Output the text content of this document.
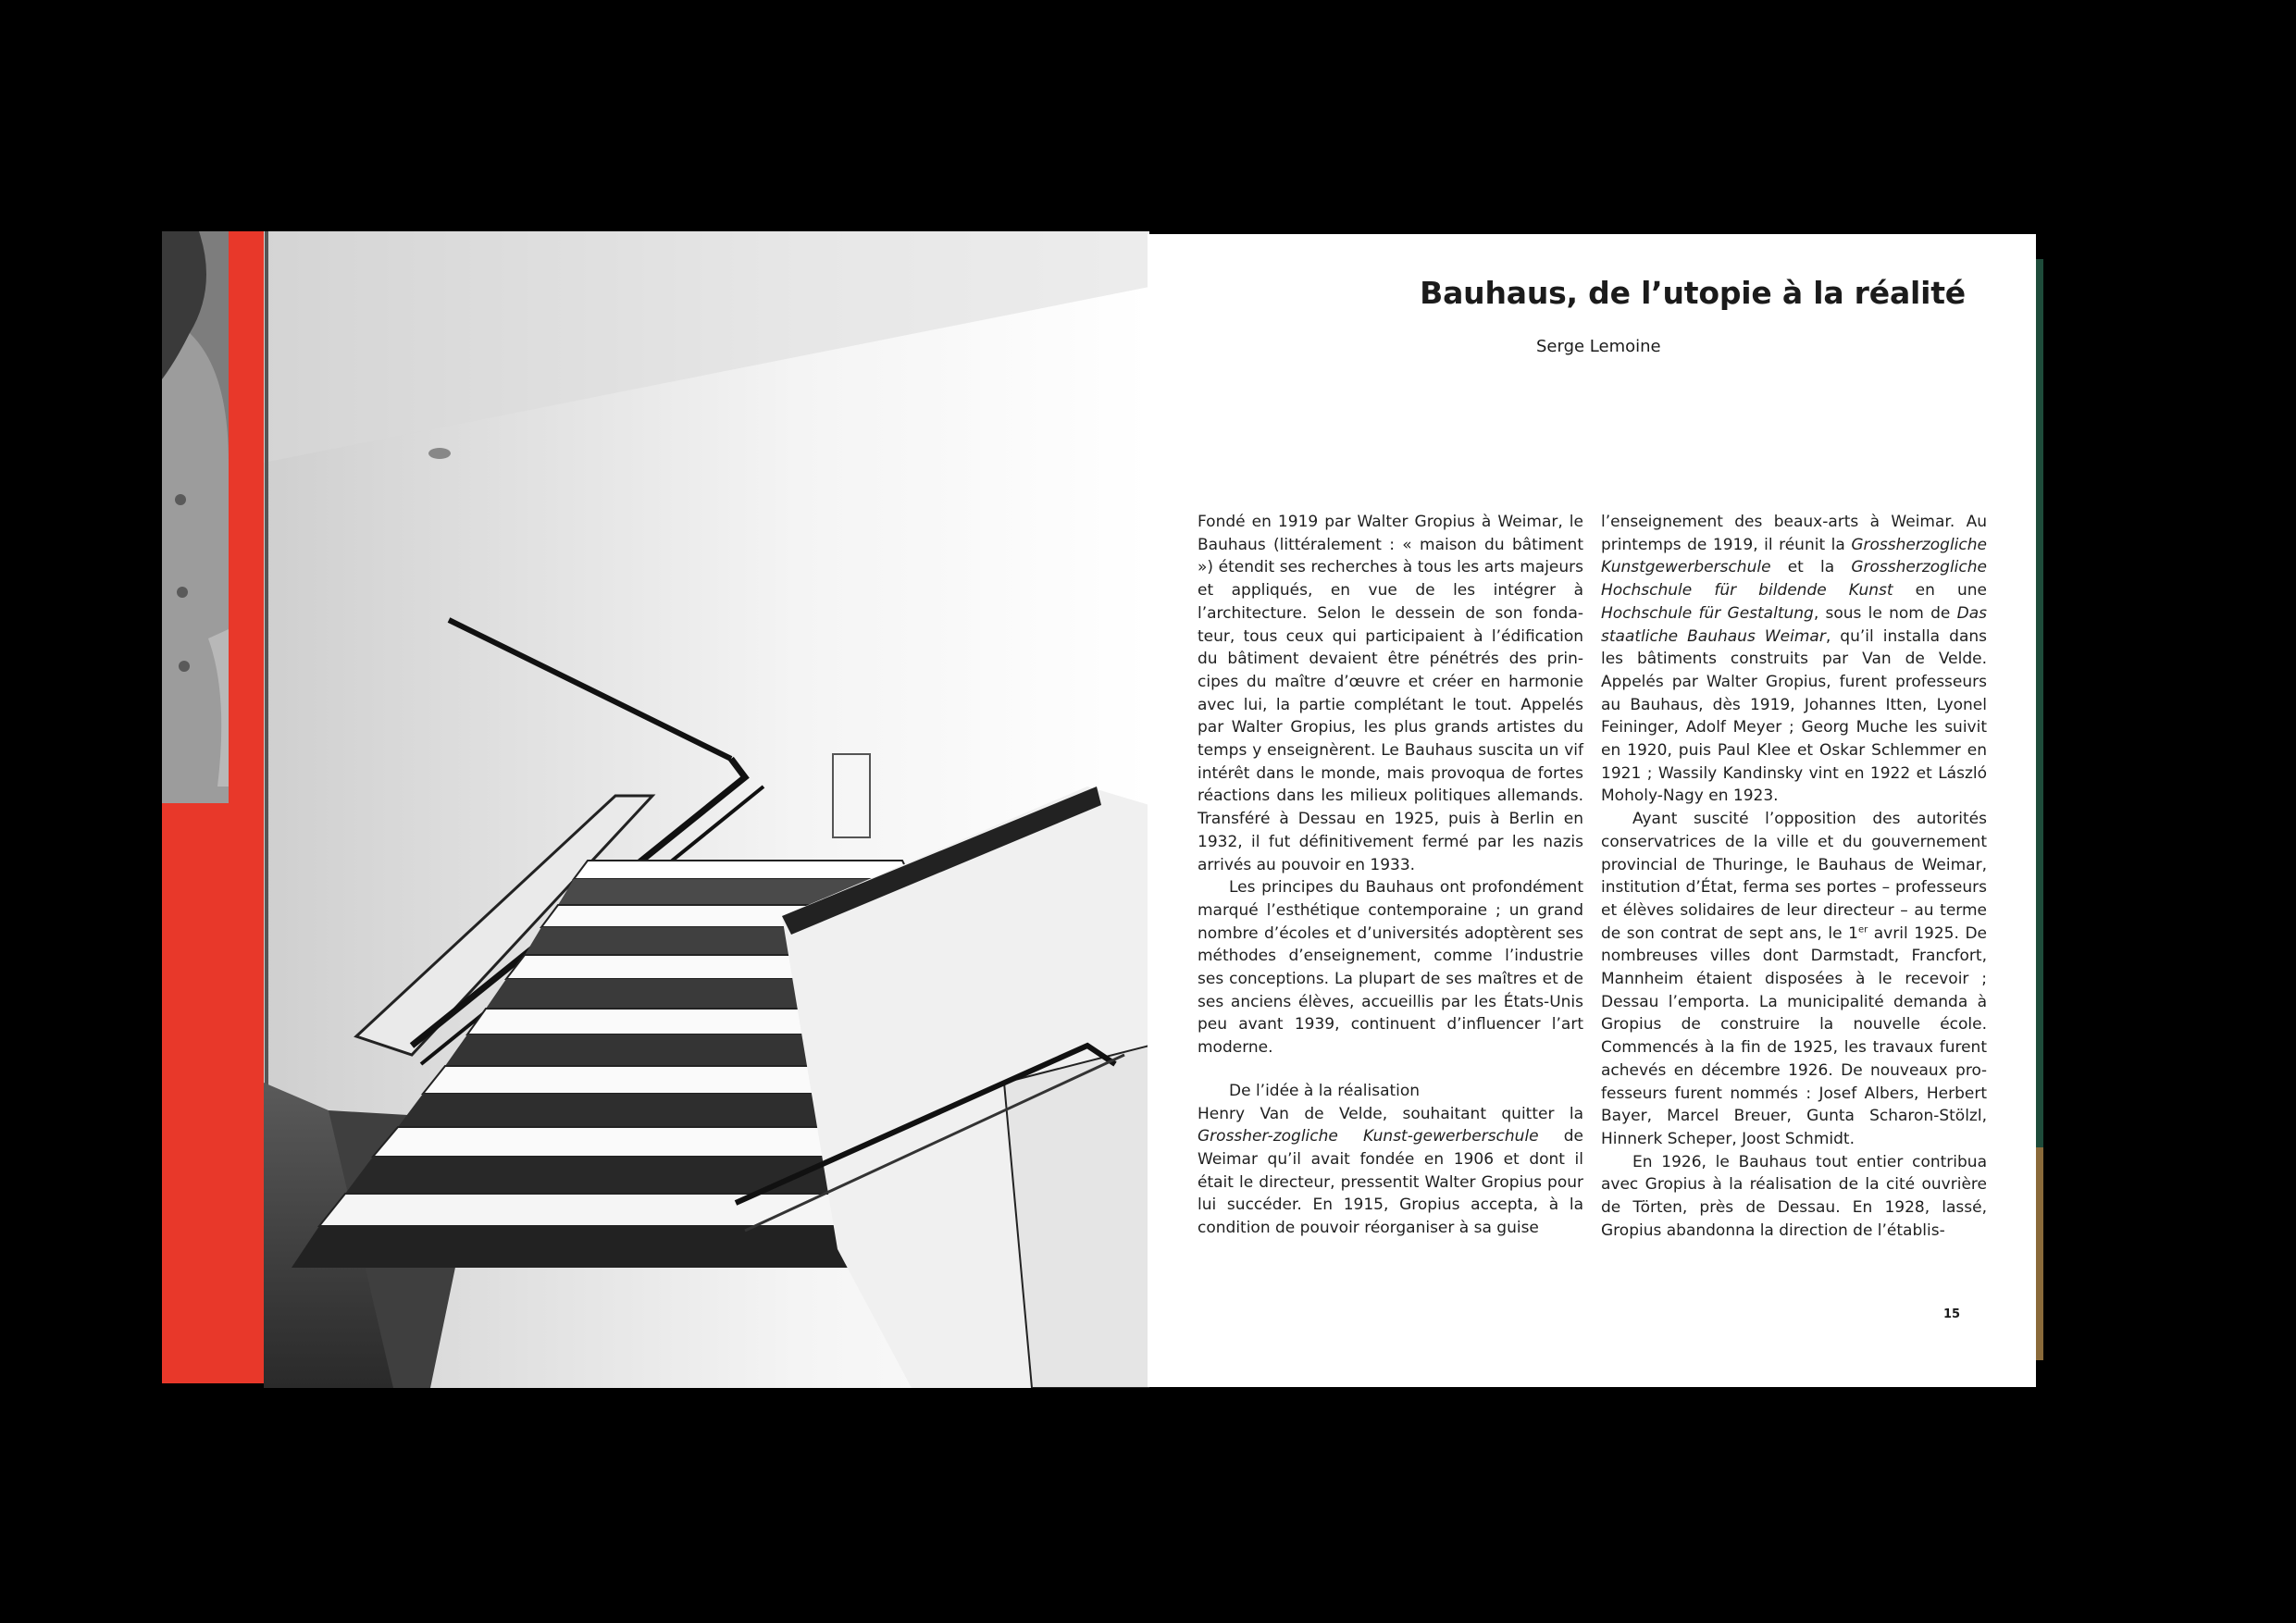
Bauhaus, de l’utopie à la réalité
Serge Lemoine

Fondé en 1919 par Walter Gropius à Weimar, le Bauhaus (littéralement : « maison du bâtiment ») étendit ses recherches à tous les arts majeurs et appliqués, en vue de les intégrer à l’architecture. Selon le dessein de son fondateur, tous ceux qui participaient à l’édification du bâtiment devaient être pénétrés des principes du maître d’œuvre et créer en harmonie avec lui, la partie complétant le tout. Appelés par Walter Gropius, les plus grands artistes du temps y enseignèrent. Le Bauhaus suscita un vif intérêt dans le monde, mais provoqua de fortes réactions dans les milieux politiques allemands. Transféré à Dessau en 1925, puis à Berlin en 1932, il fut définitivement fermé par les nazis arrivés au pouvoir en 1933.

Les principes du Bauhaus ont profondément marqué l’esthétique contemporaine ; un grand nombre d’écoles et d’universités adoptèrent ses méthodes d’enseignement, comme l’industrie ses conceptions. La plupart de ses maîtres et de ses anciens élèves, accueillis par les États-Unis peu avant 1939, continuent d’influencer l’art moderne.

De l’idée à la réalisation

Henry Van de Velde, souhaitant quitter la Grossher-zogliche Kunst-gewerberschule de Weimar qu’il avait fondée en 1906 et dont il était le directeur, pressentit Walter Gropius pour lui succéder. En 1915, Gropius accepta, à la condition de pouvoir réorganiser à sa guise

l’enseignement des beaux-arts à Weimar. Au printemps de 1919, il réunit la Grossherzogliche Kunstgewerberschule et la Grossherzogliche Hochschule für bildende Kunst en une Hochschule für Gestaltung, sous le nom de Das staatliche Bauhaus Weimar, qu’il installa dans les bâtiments construits par Van de Velde. Appelés par Walter Gropius, furent professeurs au Bauhaus, dès 1919, Johannes Itten, Lyonel Feininger, Adolf Meyer ; Georg Muche les suivit en 1920, puis Paul Klee et Oskar Schlemmer en 1921 ; Wassily Kandinsky vint en 1922 et László Moholy-Nagy en 1923.

Ayant suscité l’opposition des autorités conservatrices de la ville et du gouvernement provincial de Thuringe, le Bauhaus de Weimar, institution d’État, ferma ses portes – professeurs et élèves solidaires de leur directeur – au terme de son contrat de sept ans, le 1er avril 1925. De nombreuses villes dont Darmstadt, Francfort, Mannheim étaient disposées à le recevoir ; Dessau l’emporta. La municipalité demanda à Gropius de construire la nouvelle école. Commencés à la fin de 1925, les travaux furent achevés en décembre 1926. De nouveaux professeurs furent nommés : Josef Albers, Herbert Bayer, Marcel Breuer, Gunta Scharon-Stölzl, Hinnerk Scheper, Joost Schmidt.

En 1926, le Bauhaus tout entier contribua avec Gropius à la réalisation de la cité ouvrière de Törten, près de Dessau. En 1928, lassé, Gropius abandonna la direction de l’établis-

15
